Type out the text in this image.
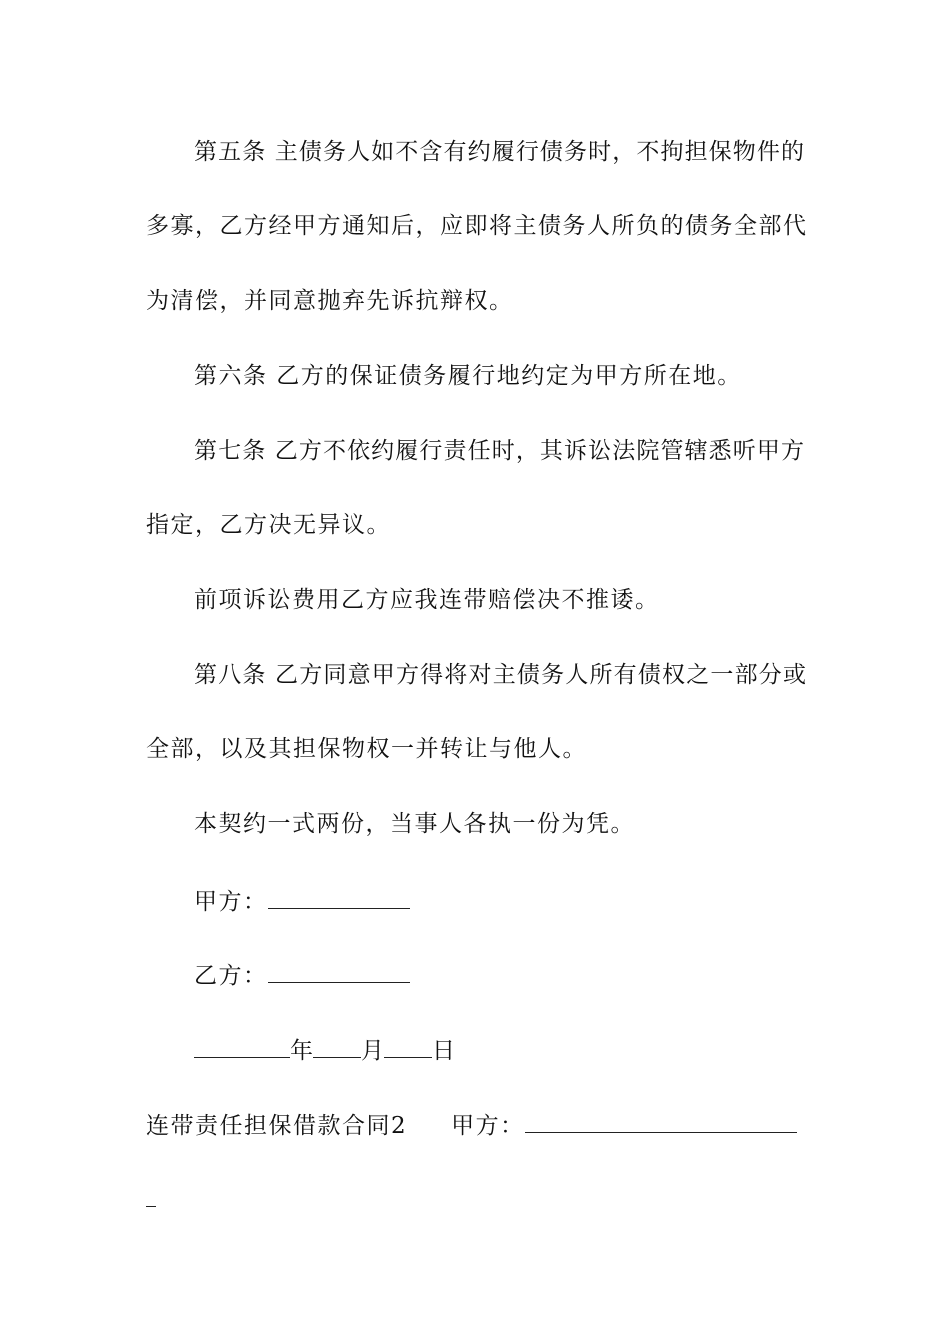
第五条 主债务人如不含有约履行债务时，不拘担保物件的
多寡，乙方经甲方通知后，应即将主债务人所负的债务全部代
为清偿，并同意抛弃先诉抗辩权。
第六条 乙方的保证债务履行地约定为甲方所在地。
第七条 乙方不依约履行责任时，其诉讼法院管辖悉听甲方
指定，乙方决无异议。
前项诉讼费用乙方应我连带赔偿决不推诿。
第八条 乙方同意甲方得将对主债务人所有债权之一部分或
全部，以及其担保物权一并转让与他人。
本契约一式两份，当事人各执一份为凭。
甲方：
乙方：
年 月 日
连带责任担保借款合同2 甲方：
